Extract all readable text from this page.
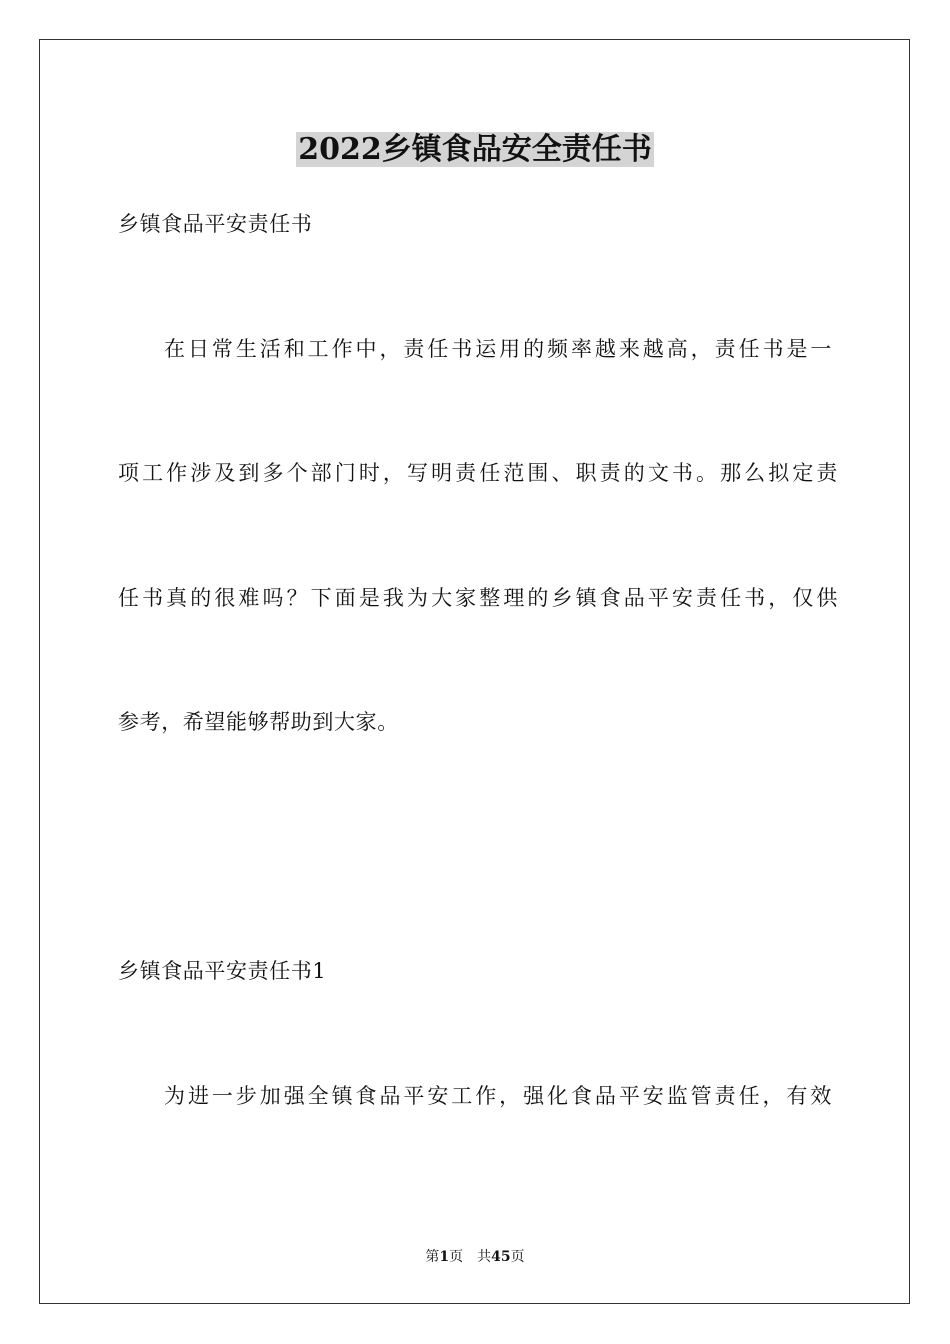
2022乡镇食品安全责任书
乡镇食品平安责任书
在日常生活和工作中，责任书运用的频率越来越高，责任书是一
项工作涉及到多个部门时，写明责任范围、职责的文书。那么拟定责
任书真的很难吗？下面是我为大家整理的乡镇食品平安责任书，仅供
参考，希望能够帮助到大家。
乡镇食品平安责任书1
为进一步加强全镇食品平安工作，强化食品平安监管责任，有效
第1页 共45页
